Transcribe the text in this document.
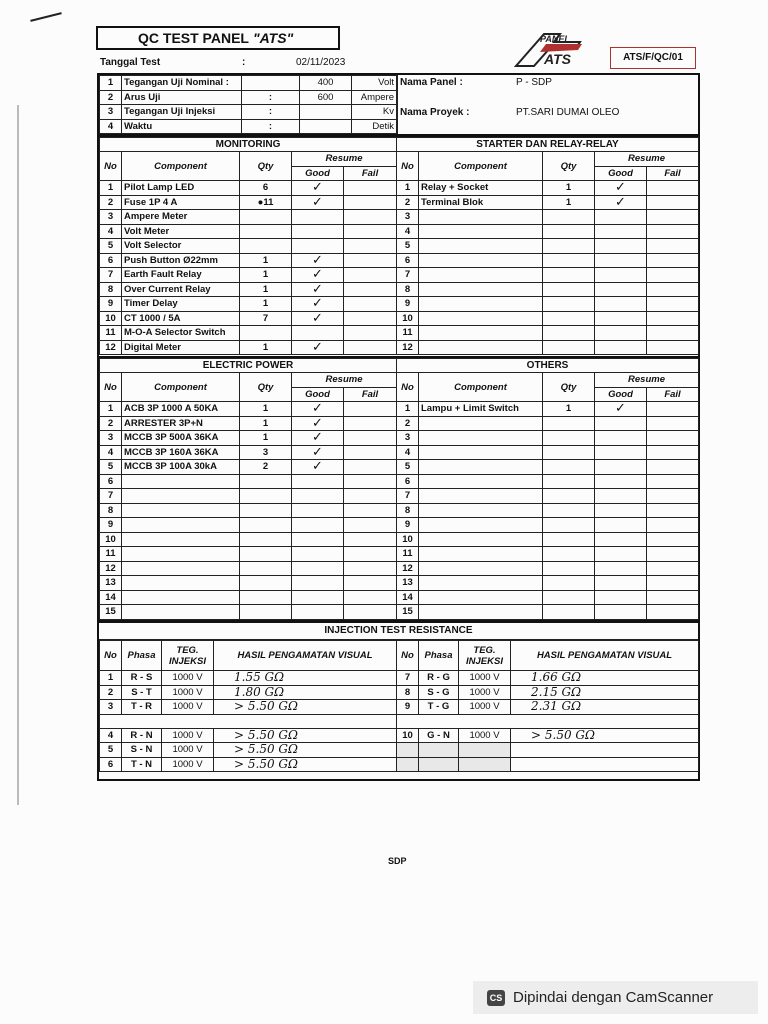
QC TEST PANEL "ATS"	PANEL
ATS	ATS/F/QC/01
Tanggal Test	:	02/11/2023
1	Tegangan Uji Nominal :		400	Volt
2	Arus Uji	:	600	Ampere
3	Tegangan Uji Injeksi	:		Kv
4	Waktu	:		Detik
Nama Panel :	P - SDP
Nama Proyek :	PT.SARI DUMAI OLEO
MONITORING				
No	Component	Qty	Resume	
			Good	Fail
1	Pilot Lamp LED	6	✓	
2	Fuse 1P 4 A	●11	✓	
3	Ampere Meter			
4	Volt Meter			
5	Volt Selector			
6	Push Button Ø22mm	1	✓	
7	Earth Fault Relay	1	✓	
8	Over Current Relay	1	✓	
9	Timer Delay	1	✓	
10	CT 1000 / 5A	7	✓	
11	M-O-A Selector Switch			
12	Digital Meter	1	✓	
STARTER DAN RELAY-RELAY				
No	Component	Qty	Resume	
			Good	Fail
1	Relay + Socket	1	✓	
2	Terminal Blok	1	✓	
3				
4				
5				
6				
7				
8				
9				
10				
11				
12				
ELECTRIC POWER				
No	Component	Qty	Resume	
			Good	Fail
1	ACB 3P 1000 A 50KA	1	✓	
2	ARRESTER 3P+N	1	✓	
3	MCCB 3P 500A 36KA	1	✓	
4	MCCB 3P 160A 36KA	3	✓	
5	MCCB 3P 100A 30kA	2	✓	
6				
7				
8				
9				
10				
11				
12				
13				
14				
15				
OTHERS				
No	Component	Qty	Resume	
			Good	Fail
1	Lampu + Limit Switch	1	✓	
2				
3				
4				
5				
6				
7				
8				
9				
10				
11				
12				
13				
14				
15				
INJECTION TEST RESISTANCE
No	Phasa	TEG. INJEKSI	HASIL PENGAMATAN VISUAL
1	R - S	1000 V	1.55 GΩ
2	S - T	1000 V	1.80 GΩ
3	T - R	1000 V	> 5.50 GΩ

4	R - N	1000 V	> 5.50 GΩ
5	S - N	1000 V	> 5.50 GΩ
6	T - N	1000 V	> 5.50 GΩ
No	Phasa	TEG. INJEKSI	HASIL PENGAMATAN VISUAL
7	R - G	1000 V	1.66 GΩ
8	S - G	1000 V	2.15 GΩ
9	T - G	1000 V	2.31 GΩ

10	G - N	1000 V	> 5.50 GΩ

SDP
CS Dipindai dengan CamScanner
